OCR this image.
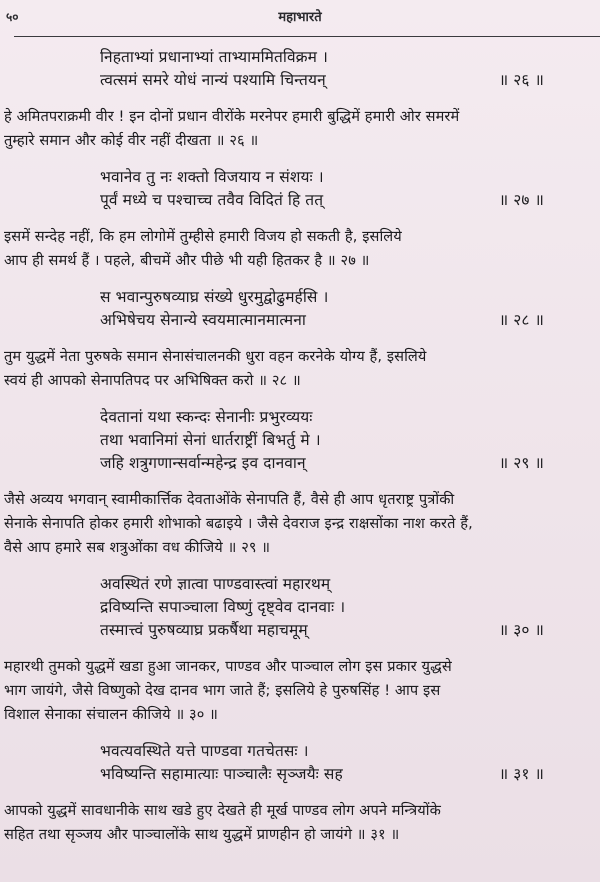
५०	महाभारते
निहताभ्यां प्रधानाभ्यां ताभ्याममितविक्रम ।
त्वत्समं समरे योधं नान्यं पश्यामि चिन्तयन्	॥ २६ ॥
हे अमितपराक्रमी वीर ! इन दोनों प्रधान वीरोंके मरनेपर हमारी बुद्धिमें हमारी ओर समरमें
तुम्हारे समान और कोई वीर नहीं दीखता ॥ २६ ॥
भवानेव तु नः शक्तो विजयाय न संशयः ।
पूर्वं मध्ये च पश्चाच्च तवैव विदितं हि तत्	॥ २७ ॥
इसमें सन्देह नहीं, कि हम लोगोमें तुम्हीसे हमारी विजय हो सकती है, इसलिये
आप ही समर्थ हैं । पहले, बीचमें और पीछे भी यही हितकर है ॥ २७ ॥
स भवान्पुरुषव्याघ्र संख्ये धुरमुद्वोढुमर्हसि ।
अभिषेचय सेनान्ये स्वयमात्मानमात्मना	॥ २८ ॥
तुम युद्धमें नेता पुरुषके समान सेनासंचालनकी धुरा वहन करनेके योग्य हैं, इसलिये
स्वयं ही आपको सेनापतिपद पर अभिषिक्त करो ॥ २८ ॥
देवतानां यथा स्कन्दः सेनानीः प्रभुरव्ययः
तथा भवानिमां सेनां धार्तराष्ट्रीं बिभर्तु मे ।
जहि शत्रुगणान्सर्वान्महेन्द्र इव दानवान्	॥ २९ ॥
जैसे अव्यय भगवान् स्वामीकार्त्तिक देवताओंके सेनापति हैं, वैसे ही आप धृतराष्ट्र पुत्रोंकी
सेनाके सेनापति होकर हमारी शोभाको बढाइये । जैसे देवराज इन्द्र राक्षसोंका नाश करते हैं,
वैसे आप हमारे सब शत्रुओंका वध कीजिये ॥ २९ ॥
अवस्थितं रणे ज्ञात्वा पाण्डवास्त्वां महारथम्
द्रविष्यन्ति सपाञ्चाला विष्णुं दृष्ट्वेव दानवाः ।
तस्मात्त्वं पुरुषव्याघ्र प्रकर्षैथा महाचमूम्	॥ ३० ॥
महारथी तुमको युद्धमें खडा हुआ जानकर, पाण्डव और पाञ्चाल लोग इस प्रकार युद्धसे
भाग जायंगे, जैसे विष्णुको देख दानव भाग जाते हैं; इसलिये हे पुरुषसिंह ! आप इस
विशाल सेनाका संचालन कीजिये ॥ ३० ॥
भवत्यवस्थिते यत्ते पाण्डवा गतचेतसः ।
भविष्यन्ति सहामात्याः पाञ्चालैः सृञ्जयैः सह	॥ ३१ ॥
आपको युद्धमें सावधानीके साथ खडे हुए देखते ही मूर्ख पाण्डव लोग अपने मन्त्रियोंके
सहित तथा सृञ्जय और पाञ्चालोंके साथ युद्धमें प्राणहीन हो जायंगे ॥ ३१ ॥
